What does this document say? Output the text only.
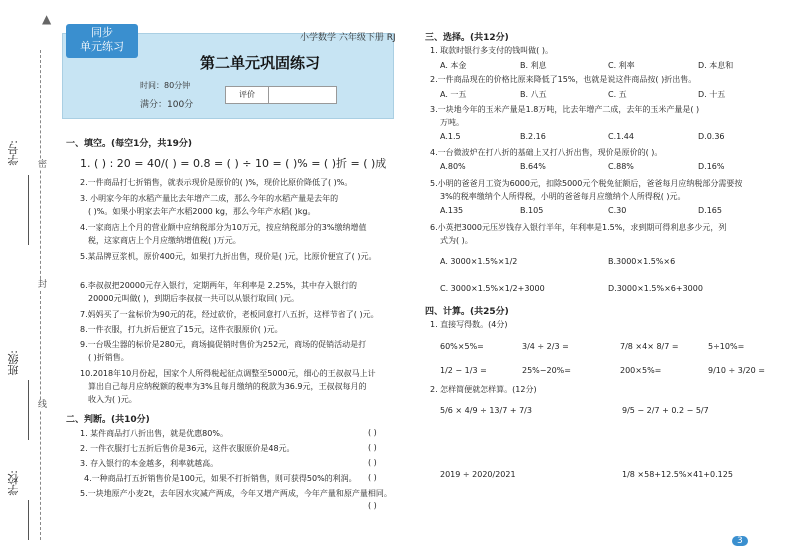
▲
密
封
线
学号:
班级:
学校:
同步
单元练习
小学数学 六年级下册 RJ
第二单元巩固练习
时间：80分钟
满分：100分
评价
一、填空。(每空1分，共19分)
1. ( ) : 20 = 40/( ) = 0.8 = ( ) ÷ 10 = ( )% = ( )折 = ( )成
2.一件商品打七折销售，就表示现价是原价的( )%，现价比原价降低了( )%。
3. 小明家今年的水稻产量比去年增产二成，那么今年的水稻产量是去年的
( )%。如果小明家去年产水稻2000 kg，那么今年产水稻( )kg。
4.一家商店上个月的营业额中应纳税部分为10万元，按应纳税部分的3%缴纳增值
税，这家商店上个月应缴纳增值税( )万元。
5.某品牌豆浆机，原价400元，如果打九折出售，现价是( )元，比原价便宜了( )元。
6.李叔叔把20000元存入银行，定期两年，年利率是 2.25%，其中存入银行的
20000元叫做( )，到期后李叔叔一共可以从银行取回( )元。
7.妈妈买了一盆标价为90元的花，经过砍价，老板同意打八五折，这样节省了( )元。
8.一件衣服，打九折后便宜了15元，这件衣服原价( )元。
9.一台吸尘器的标价是280元，商场搞促销时售价为252元，商场的促销活动是打
( )折销售。
10.2018年10月份起，国家个人所得税起征点调整至5000元，细心的王叔叔马上计
算出自己每月应纳税额的税率为3%且每月缴纳的税款为36.9元，王叔叔每月的
收入为( )元。
二、判断。(共10分)
1. 某件商品打八折出售，就是优惠80%。	( )
2. 一件衣服打七五折后售价是36元，这件衣服原价是48元。	( )
3. 存入银行的本金越多，利率就越高。	( )
4.一种商品打五折销售价是100元，如果不打折销售，则可获得50%的利润。 ( )
5.一块地原产小麦2t，去年因水灾减产两成，今年又增产两成，今年产量和原产量相同。
( )
三、选择。(共12分)
1. 取款时银行多支付的钱叫做( )。
A. 本金	B. 利息	C. 利率	D. 本息和
2.一件商品现在的价格比原来降低了15%，也就是说这件商品按( )折出售。
A. 一五	B. 八五	C. 五	D. 十五
3.一块地今年的玉米产量是1.8万吨，比去年增产二成，去年的玉米产量是( )
万吨。
A.1.5	B.2.16	C.1.44	D.0.36
4.一台微波炉在打八折的基础上又打八折出售，现价是原价的( )。
A.80%	B.64%	C.88%	D.16%
5.小明的爸爸月工资为6000元，扣除5000元个税免征额后，爸爸每月应纳税部分需要按
3%的税率缴纳个人所得税，小明的爸爸每月应缴纳个人所得税( )元。
A.135	B.105	C.30	D.165
6.小英把3000元压岁钱存入银行半年，年利率是1.5%，求到期可得利息多少元，列
式为( )。
A. 3000×1.5%×1/2	B.3000×1.5%×6
C. 3000×1.5%×1/2+3000	D.3000×1.5%×6+3000
四、计算。(共25分)
1. 直接写得数。(4分)
60%×5%=	3/4 ÷ 2/3 =	7/8 ×4× 8/7 =	5÷10%=
1/2 − 1/3 =	25%−20%=	200×5%=	9/10 ÷ 3/20 =
2. 怎样简便就怎样算。(12分)
5/6 × 4/9 ÷ 13/7 + 7/3	9/5 − 2/7 + 0.2 − 5/7
2019 ÷ 2020/2021	1/8 ×58+12.5%×41+0.125
3
